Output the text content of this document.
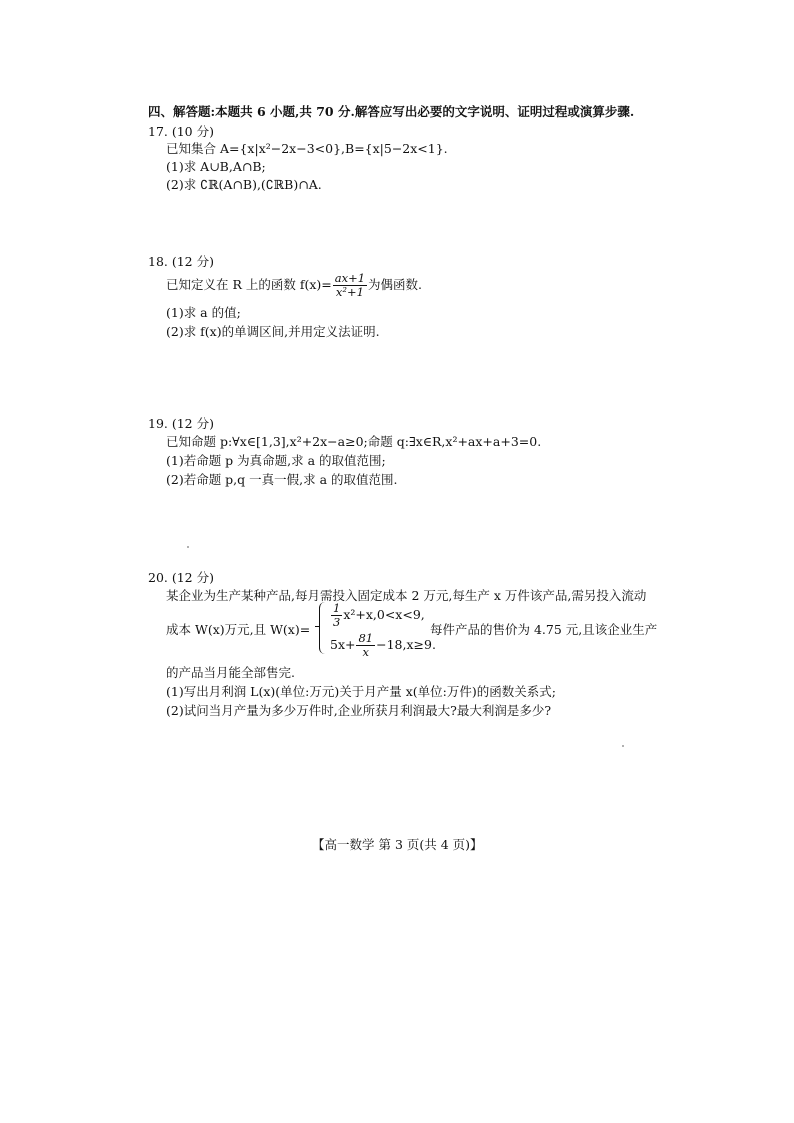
四、解答题:本题共 6 小题,共 70 分.解答应写出必要的文字说明、证明过程或演算步骤.
17. (10 分)
已知集合 A={x|x²−2x−3<0},B={x|5−2x<1}.
(1)求 A∪B,A∩B;
(2)求 ∁ℝ(A∩B),(∁ℝB)∩A.
18. (12 分)
已知定义在 R 上的函数 $f(x)= \frac{ax+1}{\text{x²+1}}$ 为偶函数.
(1)求 a 的值;
(2)求 f(x)的单调区间,并用定义法证明.
19. (12 分)
已知命题 p:∀x∈[1,3],x²+2x−a≥0;命题 q:∃x∈R,x²+ax+a+3=0.
(1)若命题 p 为真命题,求 a 的取值范围;
(2)若命题 p,q 一真一假,求 a 的取值范围.
20. (12 分)
某企业为生产某种产品,每月需投入固定成本 2 万元,每生产 x 万件该产品,需另投入流动
成本 W(x)万元,且 W(x)=
$\frac{1}{3} x^2+x,0<x<9$,
$5x+ \frac{81}{x} -18,x\ge 9$.
每件产品的售价为 4.75 元,且该企业生产
的产品当月能全部售完.
(1)写出月利润 L(x)(单位:万元)关于月产量 x(单位:万件)的函数关系式;
(2)试问当月产量为多少万件时,企业所获月利润最大?最大利润是多少?
【高一数学 第 3 页(共 4 页)】
